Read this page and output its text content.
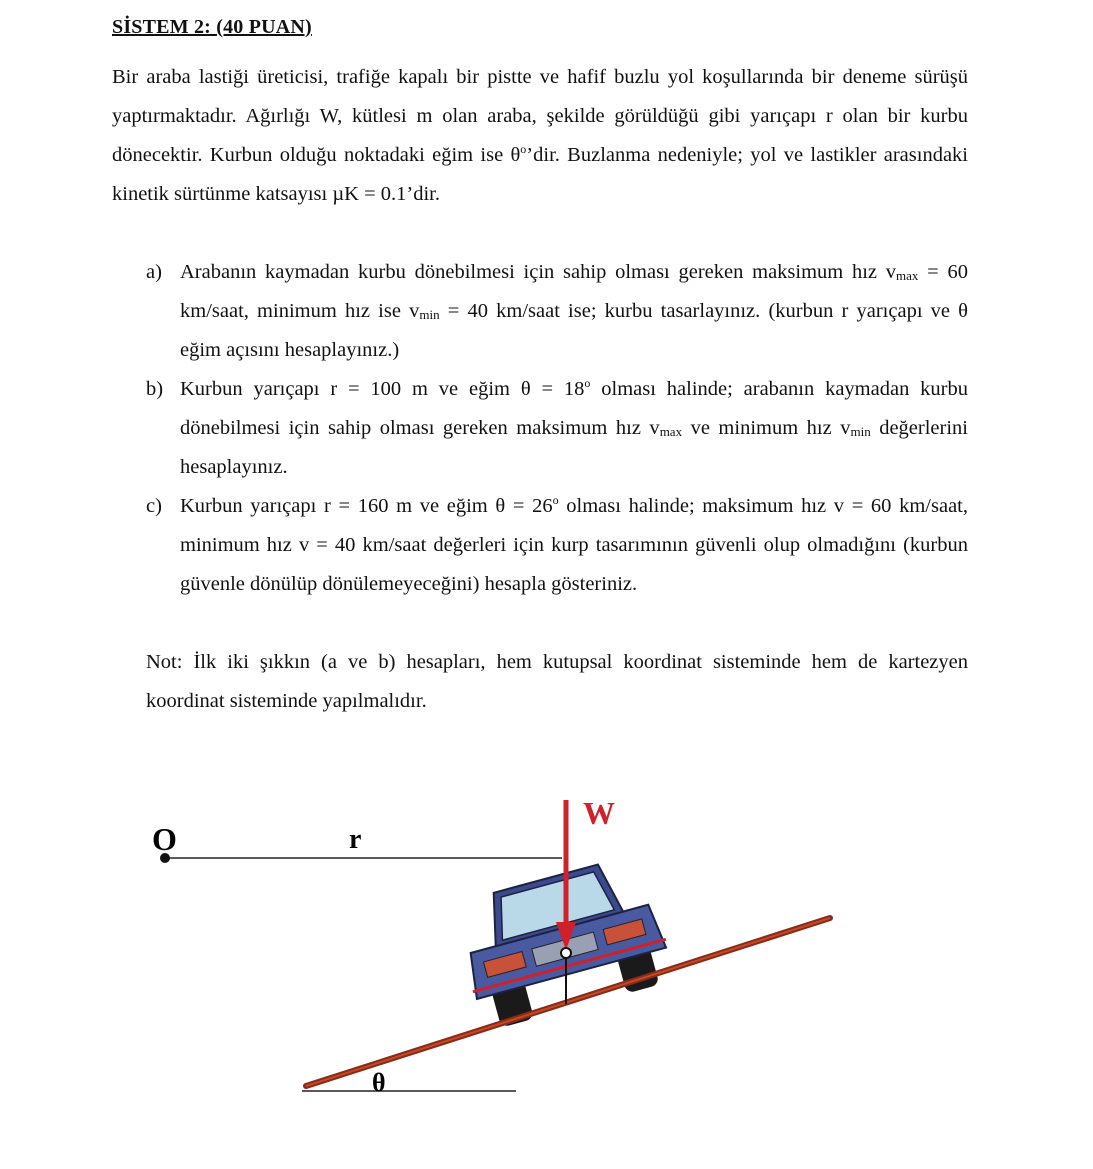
SİSTEM 2: (40 PUAN)

Bir araba lastiği üreticisi, trafiğe kapalı bir pistte ve hafif buzlu yol koşullarında bir deneme sürüşü yaptırmaktadır. Ağırlığı W, kütlesi m olan araba, şekilde görüldüğü gibi yarıçapı r olan bir kurbu dönecektir. Kurbun olduğu noktadaki eğim ise $\theta^o’dir$. Buzlanma nedeniyle; yol ve lastikler arasındaki kinetik sürtünme katsayısı µK = 0.1’dir.

a) Arabanın kaymadan kurbu dönebilmesi için sahip olması gereken maksimum hız $v_{max} = 60$ km/saat, minimum hız ise $v_{min} = 40$ km/saat ise; kurbu tasarlayınız. (kurbun r yarıçapı ve θ eğim açısını hesaplayınız.)

b) Kurbun yarıçapı r = 100 m ve eğim $\theta = 18^o$ olması halinde; arabanın kaymadan kurbu dönebilmesi için sahip olması gereken maksimum hız $v_{max}$ ve minimum hız $v_{min}$ değerlerini hesaplayınız.

c) Kurbun yarıçapı r = 160 m ve eğim $\theta = 26^o$ olması halinde; maksimum hız v = 60 km/saat, minimum hız v = 40 km/saat değerleri için kurp tasarımının güvenli olup olmadığını (kurbun güvenle dönülüp dönülemeyeceğini) hesapla gösteriniz.

Not: İlk iki şıkkın (a ve b) hesapları, hem kutupsal koordinat sisteminde hem de kartezyen koordinat sisteminde yapılmalıdır.
O	r
θ
W
